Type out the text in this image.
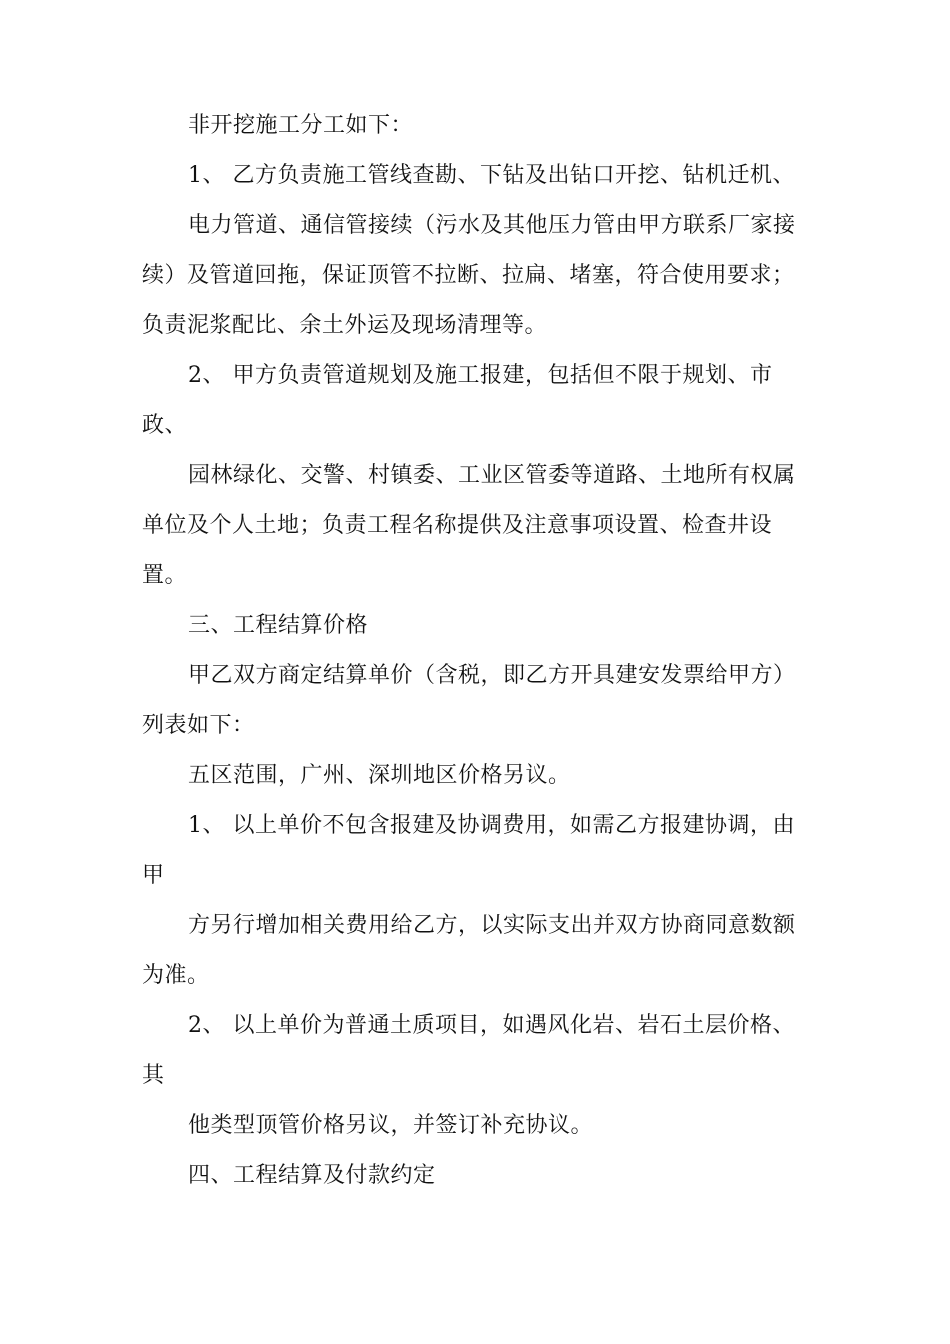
非开挖施工分工如下：
1、 乙方负责施工管线查勘、下钻及出钻口开挖、钻机迁机、
电力管道、通信管接续（污水及其他压力管由甲方联系厂家接
续）及管道回拖，保证顶管不拉断、拉扁、堵塞，符合使用要求；
负责泥浆配比、余土外运及现场清理等。
2、 甲方负责管道规划及施工报建，包括但不限于规划、市
政、
园林绿化、交警、村镇委、工业区管委等道路、土地所有权属
单位及个人土地；负责工程名称提供及注意事项设置、检查井设
置。
三、工程结算价格
甲乙双方商定结算单价（含税，即乙方开具建安发票给甲方）
列表如下：
五区范围，广州、深圳地区价格另议。
1、 以上单价不包含报建及协调费用，如需乙方报建协调，由
甲
方另行增加相关费用给乙方，以实际支出并双方协商同意数额
为准。
2、 以上单价为普通土质项目，如遇风化岩、岩石土层价格、
其
他类型顶管价格另议，并签订补充协议。
四、工程结算及付款约定
